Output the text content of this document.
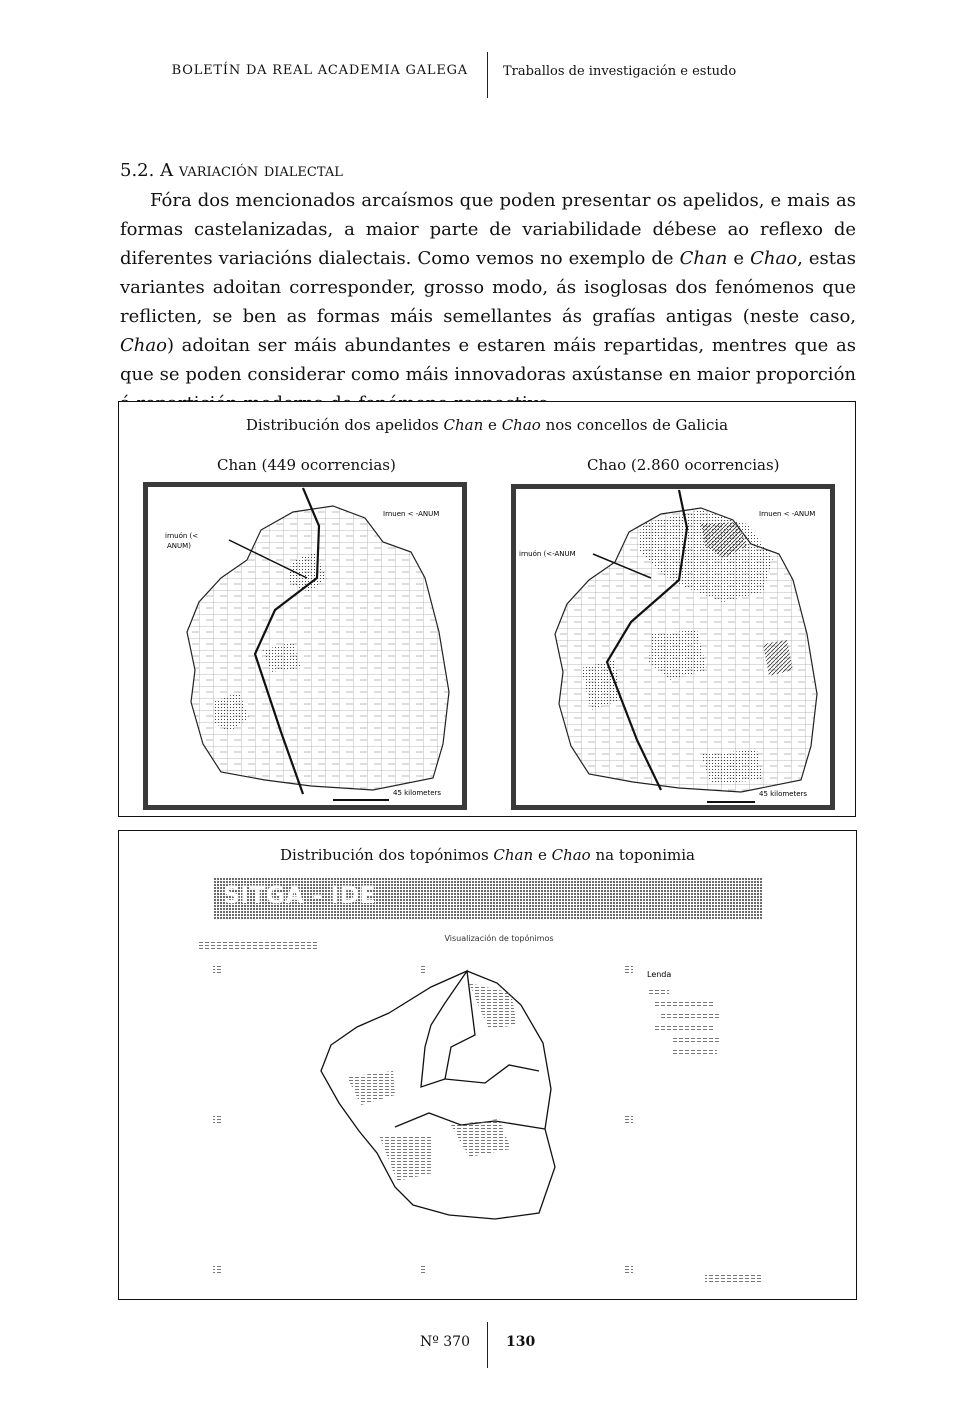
BOLETÍN DA REAL ACADEMIA GALEGA	Traballos de investigación e estudo
5.2. A variación dialectal

Fóra dos mencionados arcaísmos que poden presentar os apelidos, e mais as formas castelanizadas, a maior parte de variabilidade débese ao reflexo de diferentes variacións dialectais. Como vemos no exemplo de Chan e Chao, estas variantes adoitan corresponder, grosso modo, ás isoglosas dos fenómenos que reflicten, se ben as formas máis semellantes ás grafías antigas (neste caso, Chao) adoitan ser máis abundantes e estaren máis repartidas, mentres que as que se poden considerar como máis innovadoras axústanse en maior proporción

Distribución dos apelidos Chan e Chao nos concellos de Galicia
Chan (449 ocorrencias)	Chao (2.860 ocorrencias)
Irnuen < -ANUM
irnuón (<
ANUM)
45 kilometers
Irnuen < -ANUM
irnuón (<-ANUM
45 kilometers
Distribución dos topónimos Chan e Chao na toponimia
SITGA - IDE
Visualización de topónimos
Lenda
Nº 370	130
